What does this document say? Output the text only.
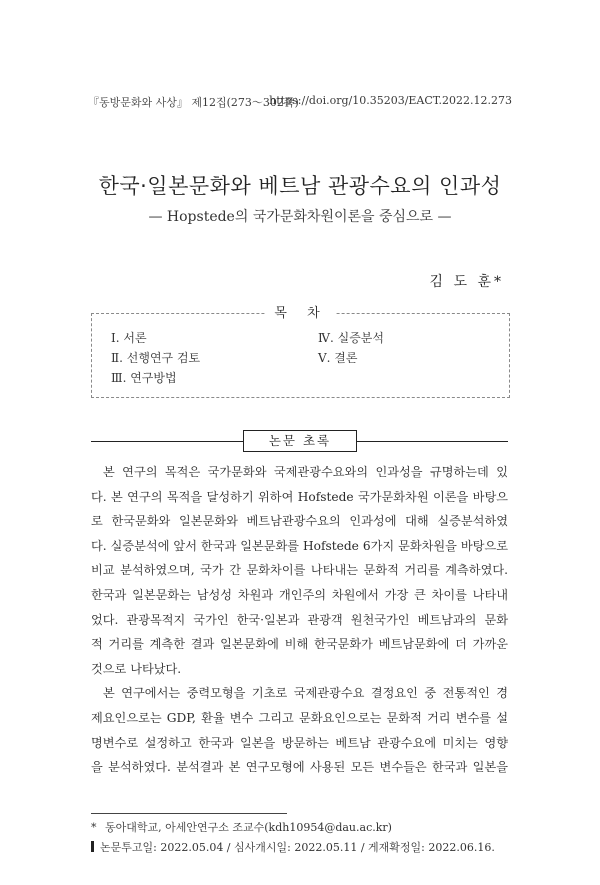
『동방문화와 사상』 제12집(273～302쪽)
https://doi.org/10.35203/EACT.2022.12.273
한국·일본문화와 베트남 관광수요의 인과성
— Hopstede의 국가문화차원이론을 중심으로 —
김 도 훈*
목 차
Ⅰ. 서론
Ⅱ. 선행연구 검토
Ⅲ. 연구방법
Ⅳ. 실증분석
Ⅴ. 결론
논문 초록
본 연구의 목적은 국가문화와 국제관광수요와의 인과성을 규명하는데 있
다. 본 연구의 목적을 달성하기 위하여 Hofstede 국가문화차원 이론을 바탕으
로 한국문화와 일본문화와 베트남관광수요의 인과성에 대해 실증분석하였
다. 실증분석에 앞서 한국과 일본문화를 Hofstede 6가지 문화차원을 바탕으로
비교 분석하였으며, 국가 간 문화차이를 나타내는 문화적 거리를 계측하였다.
한국과 일본문화는 남성성 차원과 개인주의 차원에서 가장 큰 차이를 나타내
었다. 관광목적지 국가인 한국·일본과 관광객 원천국가인 베트남과의 문화
적 거리를 계측한 결과 일본문화에 비해 한국문화가 베트남문화에 더 가까운
것으로 나타났다.
본 연구에서는 중력모형을 기초로 국제관광수요 결정요인 중 전통적인 경
제요인으로는 GDP, 환율 변수 그리고 문화요인으로는 문화적 거리 변수를 설
명변수로 설정하고 한국과 일본을 방문하는 베트남 관광수요에 미치는 영향
을 분석하였다. 분석결과 본 연구모형에 사용된 모든 변수들은 한국과 일본을
* 동아대학교, 아세안연구소 조교수(kdh10954@dau.ac.kr)
논문투고일: 2022.05.04 / 심사개시일: 2022.05.11 / 게재확정일: 2022.06.16.
